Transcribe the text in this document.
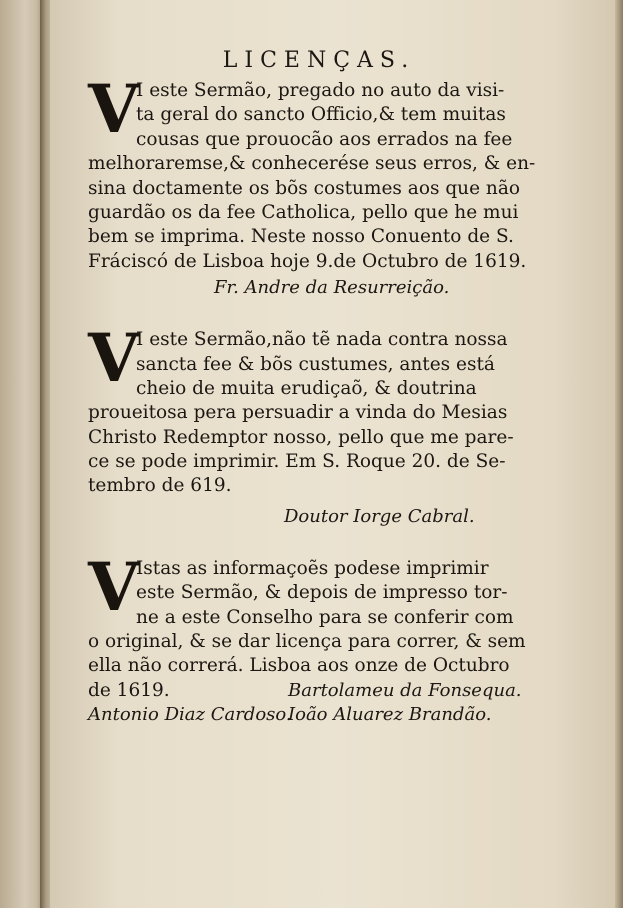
LICENÇAS.
V
I este Sermão, pregado no auto da visi-
ta geral do sancto Officio,& tem muitas
cousas que prouocão aos errados na fee
melhoraremse,& conhecerése seus erros, & en-
sina doctamente os bõs costumes aos que não
guardão os da fee Catholica, pello que he mui
bem se imprima. Neste nosso Conuento de S.
Fráciscó de Lisboa hoje 9.de Octubro de 1619.
Fr. Andre da Resurreição.
V
I este Sermão,não tẽ nada contra nossa
sancta fee & bõs custumes, antes está
cheio de muita erudiçaõ, & doutrina
proueitosa pera persuadir a vinda do Mesias
Christo Redemptor nosso, pello que me pare-
ce se pode imprimir. Em S. Roque 20. de Se-
tembro de 619.
Doutor Iorge Cabral.
V
Istas as informaçoẽs podese imprimir
este Sermão, & depois de impresso tor-
ne a este Conselho para se conferir com
o original, & se dar licença para correr, & sem
ella não correrá. Lisboa aos onze de Octubro
de 1619.	Bartolameu da Fonsequa.
Antonio Diaz Cardoso.
Ioão Aluarez Brandão.
